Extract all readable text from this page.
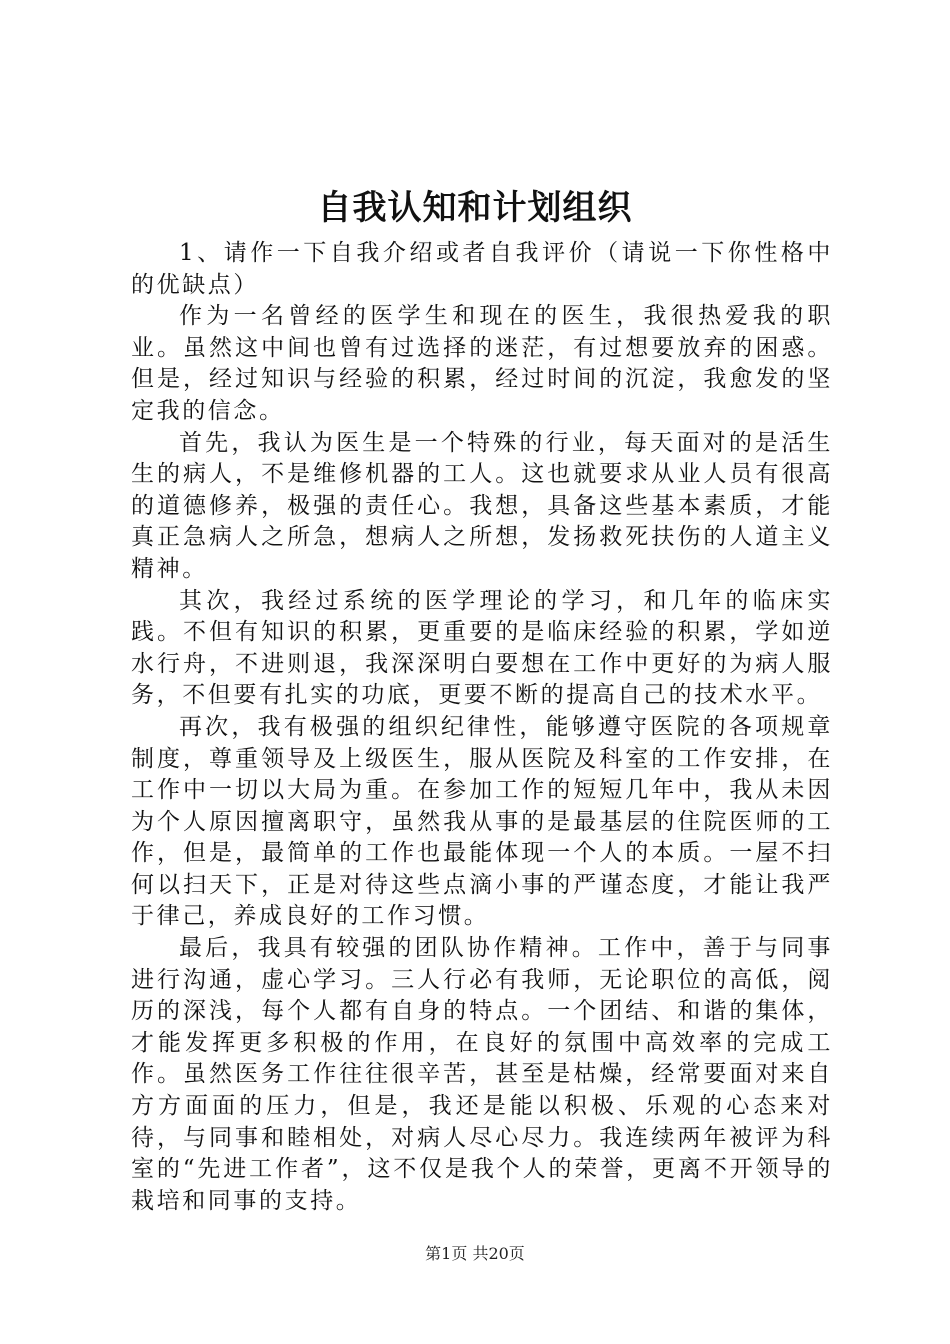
自我认知和计划组织

1、请作一下自我介绍或者自我评价（请说一下你性格中的优缺点）

作为一名曾经的医学生和现在的医生，我很热爱我的职业。虽然这中间也曾有过选择的迷茫，有过想要放弃的困惑。但是，经过知识与经验的积累，经过时间的沉淀，我愈发的坚定我的信念。

首先，我认为医生是一个特殊的行业，每天面对的是活生生的病人，不是维修机器的工人。这也就要求从业人员有很高的道德修养，极强的责任心。我想，具备这些基本素质，才能真正急病人之所急，想病人之所想，发扬救死扶伤的人道主义精神。

其次，我经过系统的医学理论的学习，和几年的临床实践。不但有知识的积累，更重要的是临床经验的积累，学如逆水行舟，不进则退，我深深明白要想在工作中更好的为病人服务，不但要有扎实的功底，更要不断的提高自己的技术水平。

再次，我有极强的组织纪律性，能够遵守医院的各项规章制度，尊重领导及上级医生，服从医院及科室的工作安排，在工作中一切以大局为重。在参加工作的短短几年中，我从未因为个人原因擅离职守，虽然我从事的是最基层的住院医师的工作，但是，最简单的工作也最能体现一个人的本质。一屋不扫何以扫天下，正是对待这些点滴小事的严谨态度，才能让我严于律己，养成良好的工作习惯。

最后，我具有较强的团队协作精神。工作中，善于与同事进行沟通，虚心学习。三人行必有我师，无论职位的高低，阅历的深浅，每个人都有自身的特点。一个团结、和谐的集体，才能发挥更多积极的作用，在良好的氛围中高效率的完成工作。虽然医务工作往往很辛苦，甚至是枯燥，经常要面对来自方方面面的压力，但是，我还是能以积极、乐观的心态来对待，与同事和睦相处，对病人尽心尽力。我连续两年被评为科室的“先进工作者”，这不仅是我个人的荣誉，更离不开领导的栽培和同事的支持。

第1页 共20页
